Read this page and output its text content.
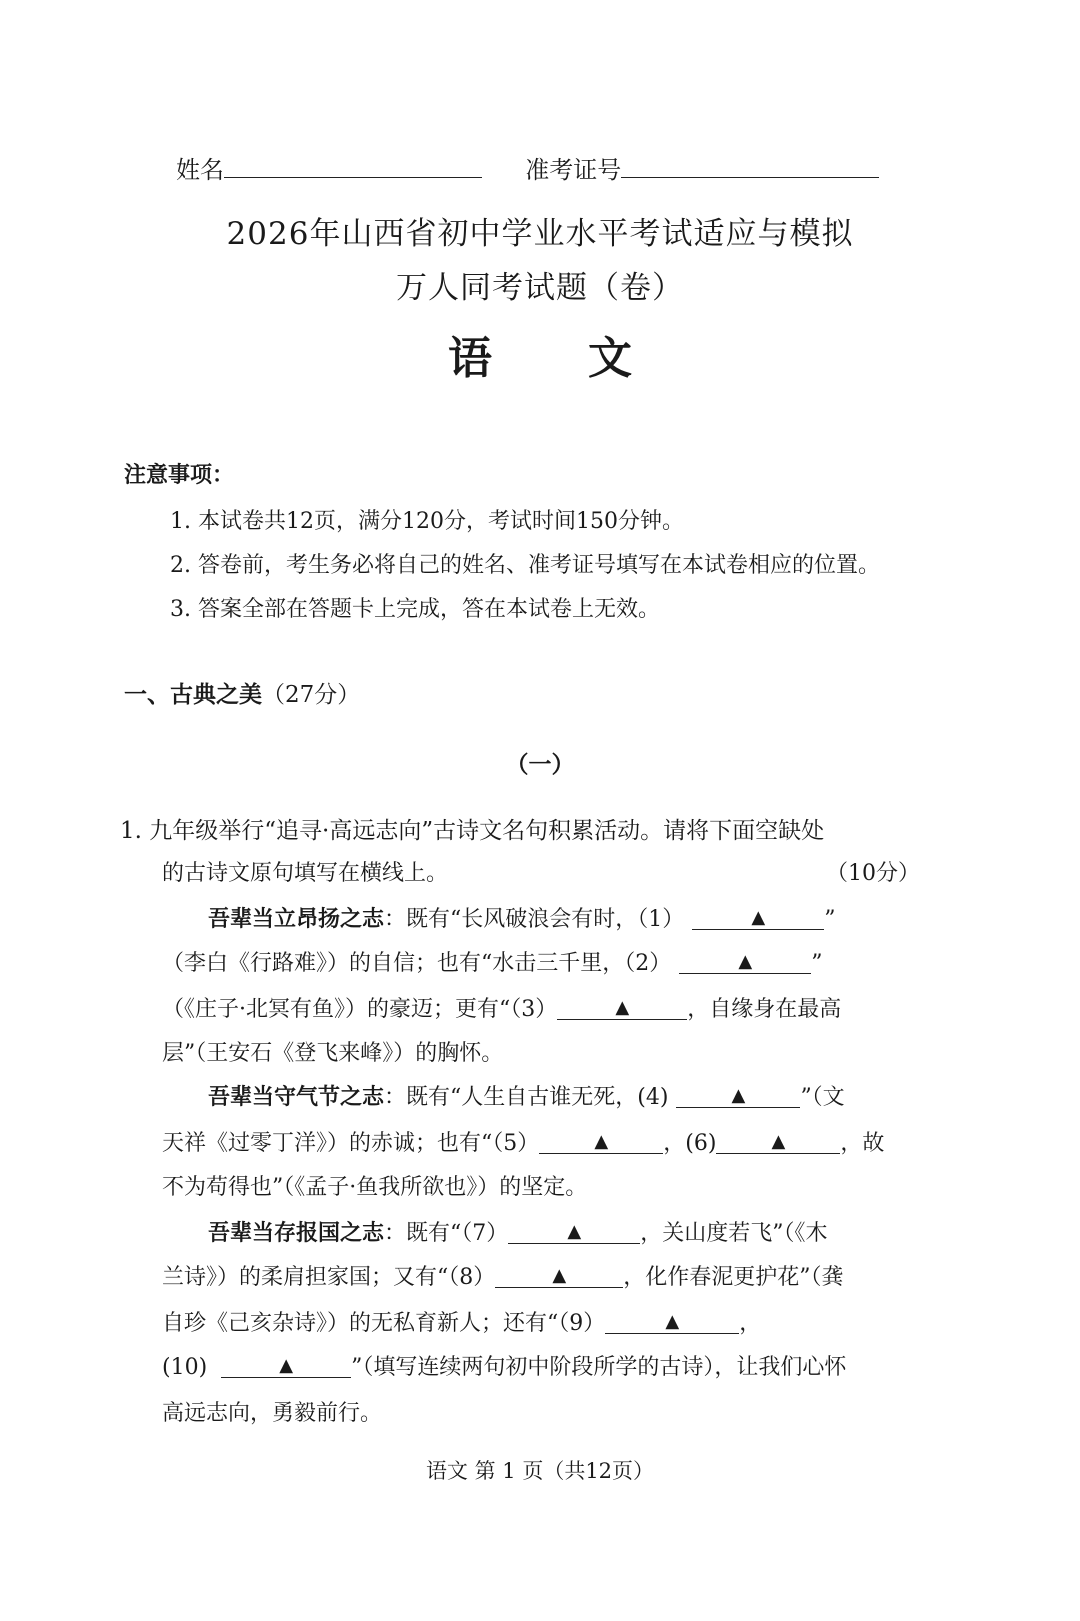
姓名	准考证号
2026年山西省初中学业水平考试适应与模拟
万人同考试题（卷）
语 文
注意事项：
1. 本试卷共12页，满分120分，考试时间150分钟。
2. 答卷前，考生务必将自己的姓名、准考证号填写在本试卷相应的位置。
3. 答案全部在答题卡上完成，答在本试卷上无效。
一、古典之美（27分）
（一）
1. 九年级举行“追寻·高远志向”古诗文名句积累活动。请将下面空缺处
的古诗文原句填写在横线上。	（10分）
吾辈当立昂扬之志：既有“长风破浪会有时，（1）	▲	”
（李白《行路难》）的自信；也有“水击三千里，（2）	▲	”
（《庄子·北冥有鱼》）的豪迈；更有“（3）	▲	，自缘身在最高
层”（王安石《登飞来峰》）的胸怀。
吾辈当守气节之志：既有“人生自古谁无死，(4)	▲	”（文
天祥《过零丁洋》）的赤诚；也有“（5）	▲	，(6)	▲	，故
不为苟得也”（《孟子·鱼我所欲也》）的坚定。
吾辈当存报国之志：既有“（7）	▲	，关山度若飞”（《木
兰诗》）的柔肩担家国；又有“（8）	▲	，化作春泥更护花”（龚
自珍《己亥杂诗》）的无私育新人；还有“（9）	▲	，
(10)	▲	”（填写连续两句初中阶段所学的古诗），让我们心怀
高远志向，勇毅前行。
语文 第 1 页（共12页）
